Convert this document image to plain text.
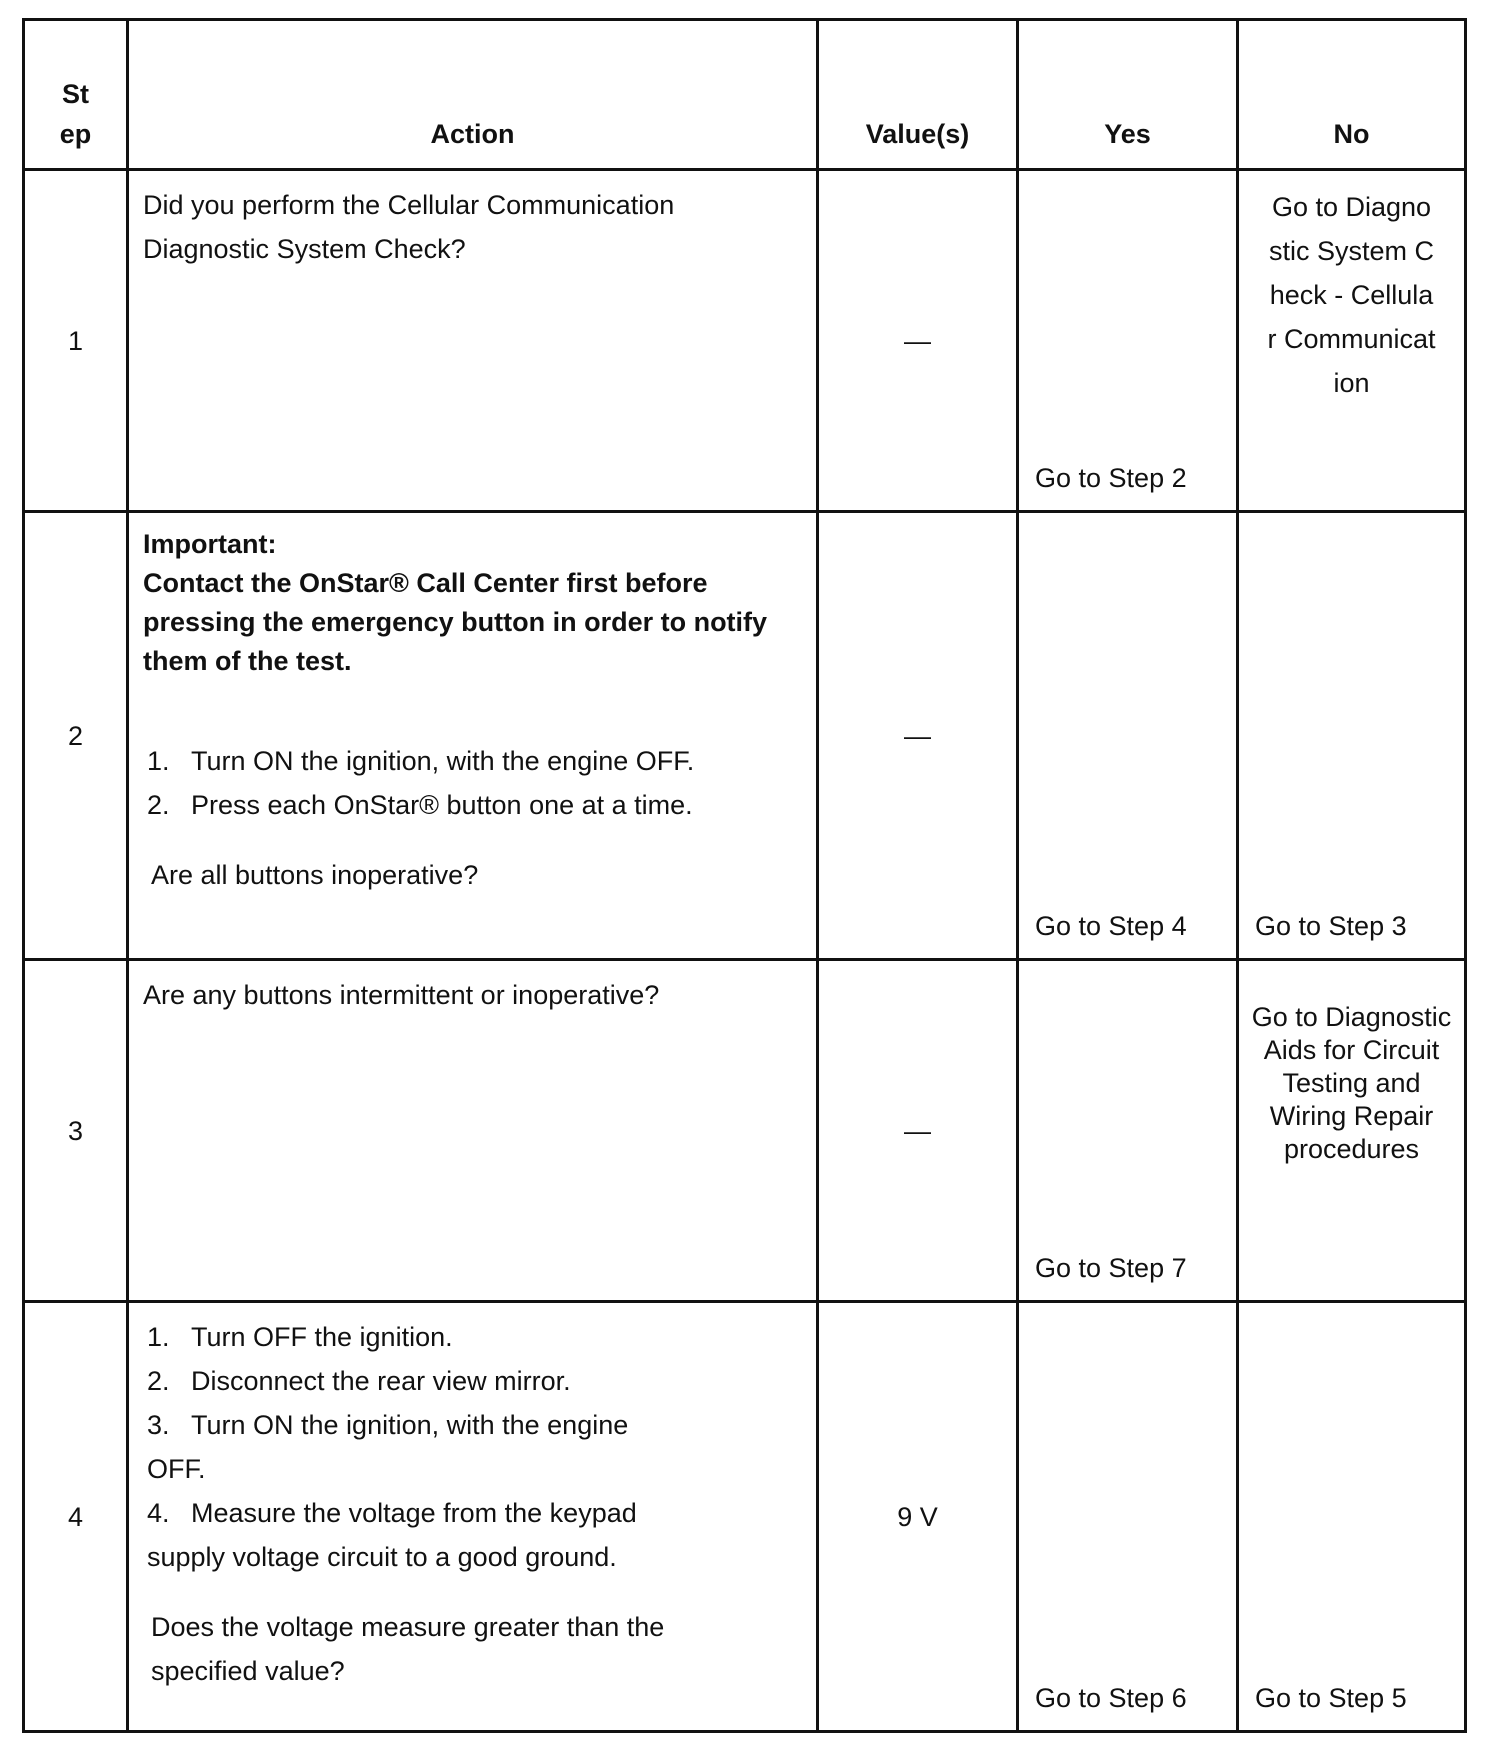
St ep	Action	Value(s)	Yes	No
1	Did you perform the Cellular Communication Diagnostic System Check?	—	Go to Step 2	Go to Diagnostic System Check - Cellular Communication

2	Important:
Contact the OnStar® Call Center first before pressing the emergency button in order to notify them of the test.
1. Turn ON the ignition, with the engine OFF.
2. Press each OnStar® button one at a time.
Are all buttons inoperative?	—	Go to Step 4	Go to Step 3
3	Are any buttons intermittent or inoperative?	—	Go to Step 7	Go to Diagnostic Aids for Circuit Testing and Wiring Repair procedures

4	1. Turn OFF the ignition.
2. Disconnect the rear view mirror.
3. Turn ON the ignition, with the engine OFF.
4. Measure the voltage from the keypad supply voltage circuit to a good ground.
Does the voltage measure greater than the specified value?	9 V	Go to Step 6	Go to Step 5
